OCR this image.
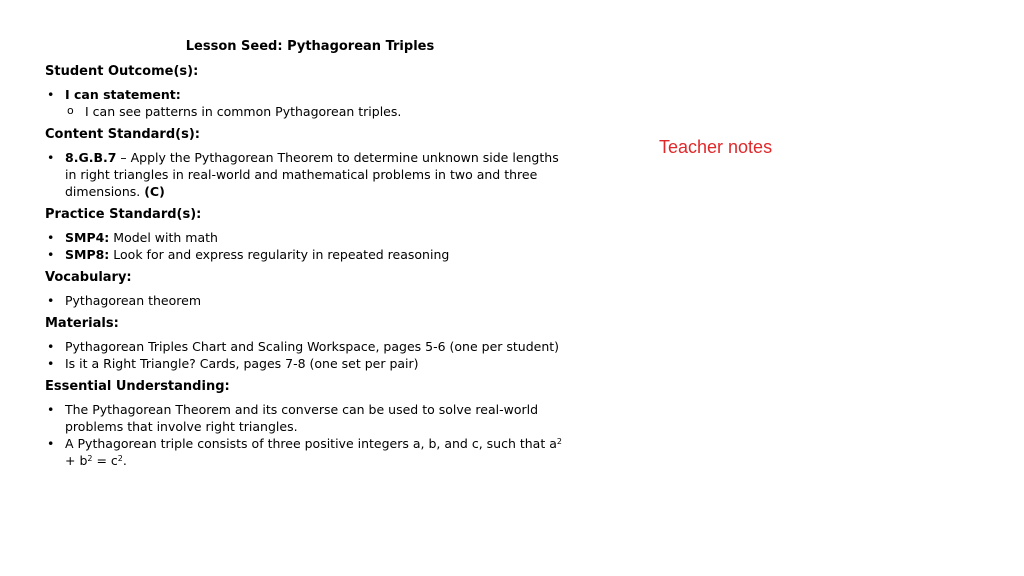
Lesson Seed: Pythagorean Triples
Student Outcome(s):
• I can statement:
o I can see patterns in common Pythagorean triples.
Content Standard(s):
• 8.G.B.7 – Apply the Pythagorean Theorem to determine unknown side lengths in right triangles in real-world and mathematical problems in two and three dimensions. (C)
Practice Standard(s):
• SMP4: Model with math
• SMP8: Look for and express regularity in repeated reasoning
Vocabulary:
• Pythagorean theorem
Materials:
• Pythagorean Triples Chart and Scaling Workspace, pages 5-6 (one per student)
• Is it a Right Triangle? Cards, pages 7-8 (one set per pair)
Essential Understanding:
• The Pythagorean Theorem and its converse can be used to solve real-world problems that involve right triangles.
• A Pythagorean triple consists of three positive integers a, b, and c, such that $a^2 + b^2 = c^2$.
Teacher notes
